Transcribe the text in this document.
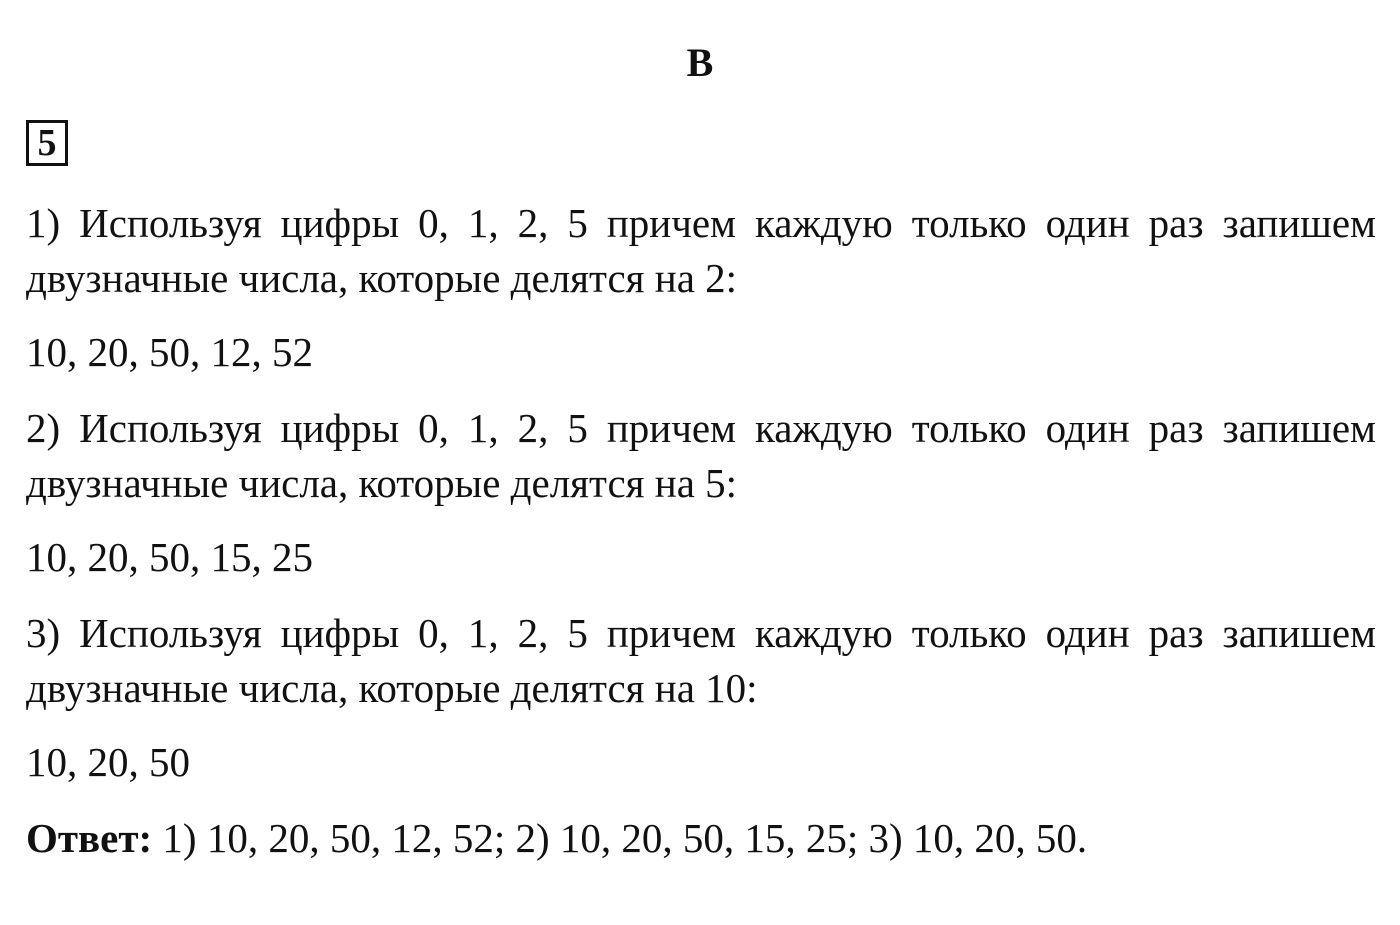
В
5

1) Используя цифры 0, 1, 2, 5 причем каждую только один раз запишем двузначные числа, которые делятся на 2:

10, 20, 50, 12, 52

2) Используя цифры 0, 1, 2, 5 причем каждую только один раз запишем двузначные числа, которые делятся на 5:

10, 20, 50, 15, 25

3) Используя цифры 0, 1, 2, 5 причем каждую только один раз запишем двузначные числа, которые делятся на 10:

10, 20, 50

Ответ: 1) 10, 20, 50, 12, 52; 2) 10, 20, 50, 15, 25; 3) 10, 20, 50.
